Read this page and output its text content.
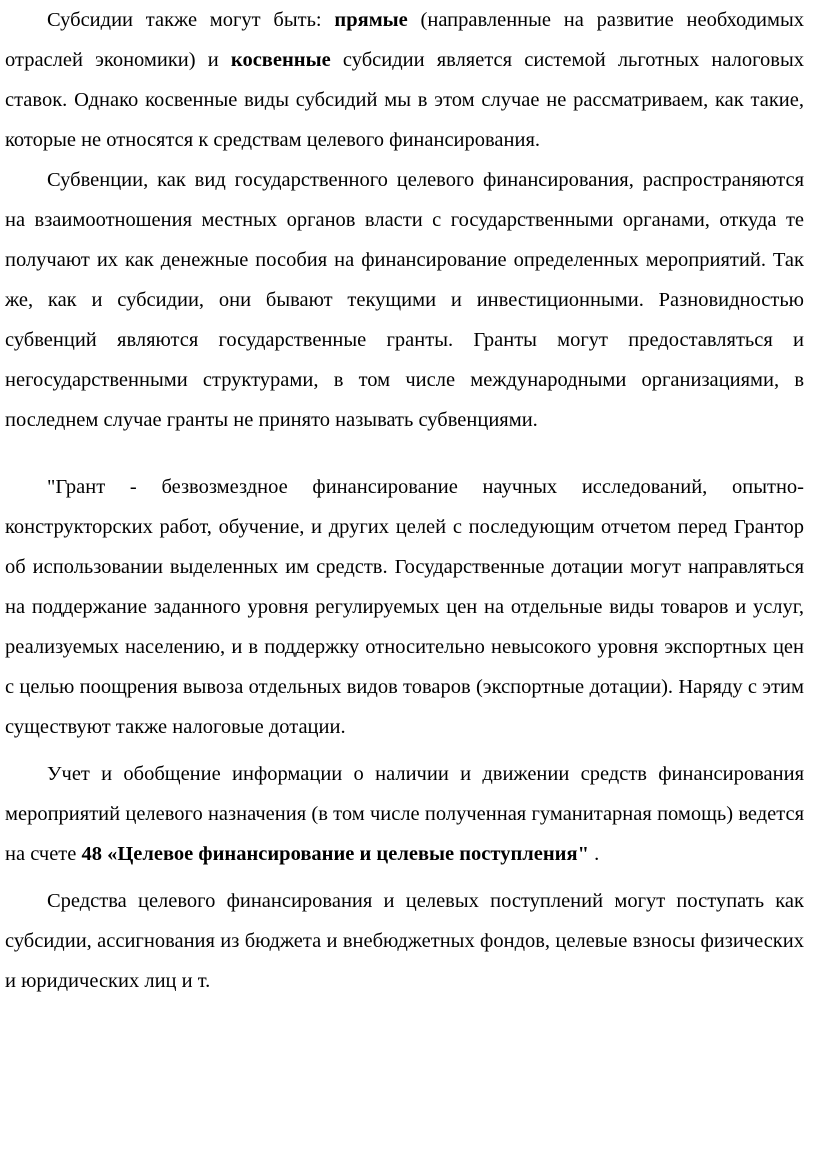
Субсидии также могут быть: прямые (направленные на развитие необходимых отраслей экономики) и косвенные субсидии является системой льготных налоговых ставок. Однако косвенные виды субсидий мы в этом случае не рассматриваем, как такие, которые не относятся к средствам целевого финансирования.

Субвенции, как вид государственного целевого финансирования, распространяются на взаимоотношения местных органов власти с государственными органами, откуда те получают их как денежные пособия на финансирование определенных мероприятий. Так же, как и субсидии, они бывают текущими и инвестиционными. Разновидностью субвенций являются государственные гранты. Гранты могут предоставляться и негосударственными структурами, в том числе международными организациями, в последнем случае гранты не принято называть субвенциями.

"Грант - безвозмездное финансирование научных исследований, опытно-конструкторских работ, обучение, и других целей с последующим отчетом перед Грантор об использовании выделенных им средств. Государственные дотации могут направляться на поддержание заданного уровня регулируемых цен на отдельные виды товаров и услуг, реализуемых населению, и в поддержку относительно невысокого уровня экспортных цен с целью поощрения вывоза отдельных видов товаров (экспортные дотации). Наряду с этим существуют также налоговые дотации.

Учет и обобщение информации о наличии и движении средств финансирования мероприятий целевого назначения (в том числе полученная гуманитарная помощь) ведется на счете 48 «Целевое финансирование и целевые поступления" .

Средства целевого финансирования и целевых поступлений могут поступать как субсидии, ассигнования из бюджета и внебюджетных фондов, целевые взносы физических и юридических лиц и т.
